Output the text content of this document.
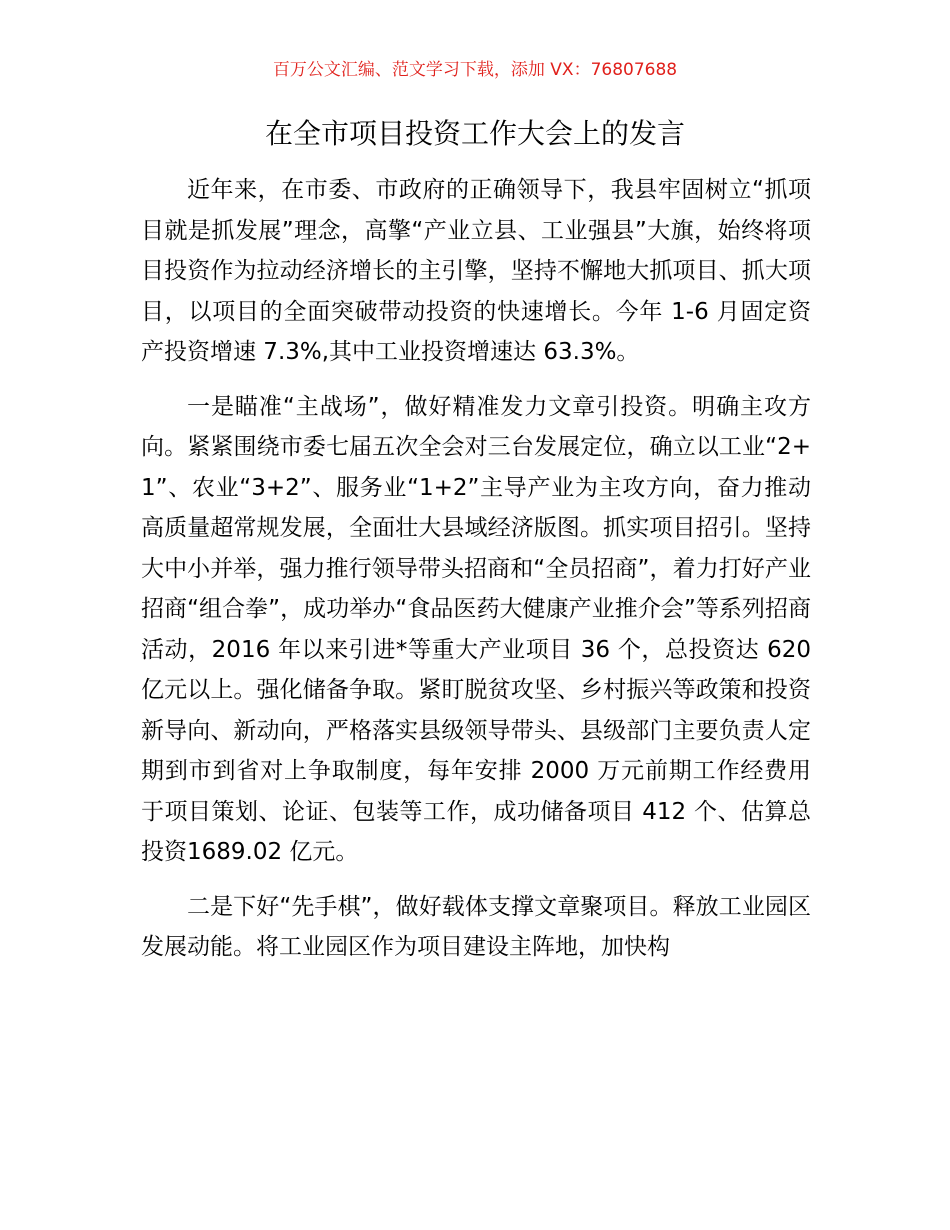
百万公文汇编、范文学习下载，添加 VX：76807688
在全市项目投资工作大会上的发言

近年来，在市委、市政府的正确领导下，我县牢固树立“抓项目就是抓发展”理念，高擎“产业立县、工业强县”大旗，始终将项目投资作为拉动经济增长的主引擎，坚持不懈地大抓项目、抓大项目，以项目的全面突破带动投资的快速增长。今年 1-6 月固定资产投资增速 7.3%,其中工业投资增速达 63.3%。

一是瞄准“主战场”，做好精准发力文章引投资。明确主攻方向。紧紧围绕市委七届五次全会对三台发展定位，确立以工业“2+1”、农业“3+2”、服务业“1+2”主导产业为主攻方向，奋力推动高质量超常规发展，全面壮大县域经济版图。抓实项目招引。坚持大中小并举，强力推行领导带头招商和“全员招商”，着力打好产业招商“组合拳”，成功举办“食品医药大健康产业推介会”等系列招商活动，2016 年以来引进*等重大产业项目 36 个，总投资达 620 亿元以上。强化储备争取。紧盯脱贫攻坚、乡村振兴等政策和投资新导向、新动向，严格落实县级领导带头、县级部门主要负责人定期到市到省对上争取制度，每年安排 2000 万元前期工作经费用于项目策划、论证、包装等工作，成功储备项目 412 个、估算总投资1689.02 亿元。

二是下好“先手棋”，做好载体支撑文章聚项目。释放工业园区发展动能。将工业园区作为项目建设主阵地，加快构
